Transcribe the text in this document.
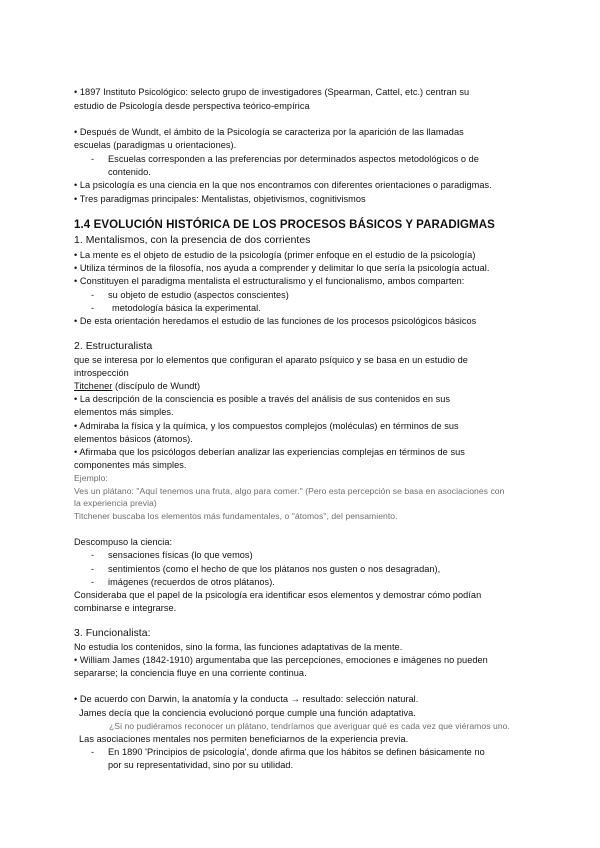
• 1897 Instituto Psicológico: selecto grupo de investigadores (Spearman, Cattel, etc.) centran su
estudio de Psicología desde perspectiva teórico-empírica
• Después de Wundt, el ámbito de la Psicología se caracteriza por la aparición de las llamadas
escuelas (paradigmas u orientaciones).
- Escuelas corresponden a las preferencias por determinados aspectos metodológicos o de
contenido.
• La psicología es una ciencia en la que nos encontramos con diferentes orientaciones o paradigmas.
• Tres paradigmas principales: Mentalistas, objetivismos, cognitivismos
1.4 EVOLUCIÓN HISTÓRICA DE LOS PROCESOS BÁSICOS Y PARADIGMAS
1. Mentalismos, con la presencia de dos corrientes
• La mente es el objeto de estudio de la psicología (primer enfoque en el estudio de la psicología)
• Utiliza términos de la filosofía, nos ayuda a comprender y delimitar lo que sería la psicología actual.
• Constituyen el paradigma mentalista el estructuralismo y el funcionalismo, ambos comparten:
- su objeto de estudio (aspectos conscientes)
- metodología básica la experimental.
• De esta orientación heredamos el estudio de las funciones de los procesos psicológicos básicos
2. Estructuralista
que se interesa por lo elementos que configuran el aparato psíquico y se basa en un estudio de
introspección
Titchener (discípulo de Wundt)
• La descripción de la consciencia es posible a través del análisis de sus contenidos en sus
elementos más simples.
• Admiraba la física y la química, y los compuestos complejos (moléculas) en términos de sus
elementos básicos (átomos).
• Afirmaba que los psicólogos deberían analizar las experiencias complejas en términos de sus
componentes más simples.
Ejemplo:
Ves un plátano: "Aquí tenemos una fruta, algo para comer." (Pero esta percepción se basa en asociaciones con
la experiencia previa)
Titchener buscaba los elementos más fundamentales, o "átomos", del pensamiento.
Descompuso la ciencia:
- sensaciones físicas (lo que vemos)
- sentimientos (como el hecho de que los plátanos nos gusten o nos desagradan),
- imágenes (recuerdos de otros plátanos).
Consideraba que el papel de la psicología era identificar esos elementos y demostrar cómo podían
combinarse e integrarse.
3. Funcionalista:
No estudia los contenidos, sino la forma, las funciones adaptativas de la mente.
• William James (1842-1910) argumentaba que las percepciones, emociones e imágenes no pueden
separarse; la conciencia fluye en una corriente continua.
• De acuerdo con Darwin, la anatomía y la conducta → resultado: selección natural.
James decía que la conciencia evolucionó porque cumple una función adaptativa.
¿Si no pudiéramos reconocer un plátano, tendríamos que averiguar qué es cada vez que viéramos uno.
Las asociaciones mentales nos permiten beneficiarnos de la experiencia previa.
- En 1890 'Principios de psicología', donde afirma que los hábitos se definen básicamente no
por su representatividad, sino por su utilidad.
